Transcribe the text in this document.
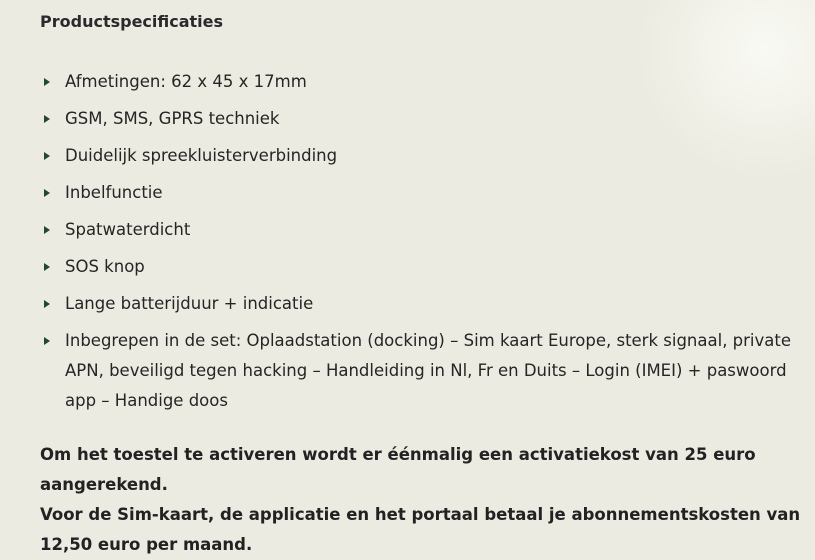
Productspecificaties
Afmetingen: 62 x 45 x 17mm
GSM, SMS, GPRS techniek
Duidelijk spreekluisterverbinding
Inbelfunctie
Spatwaterdicht
SOS knop
Lange batterijduur + indicatie
Inbegrepen in de set: Oplaadstation (docking) – Sim kaart Europe, sterk signaal, private APN, beveiligd tegen hacking – Handleiding in Nl, Fr en Duits – Login (IMEI) + paswoord app – Handige doos

Om het toestel te activeren wordt er éénmalig een activatiekost van 25 euro aangerekend.

Voor de Sim-kaart, de applicatie en het portaal betaal je abonnementskosten van 12,50 euro per maand.
